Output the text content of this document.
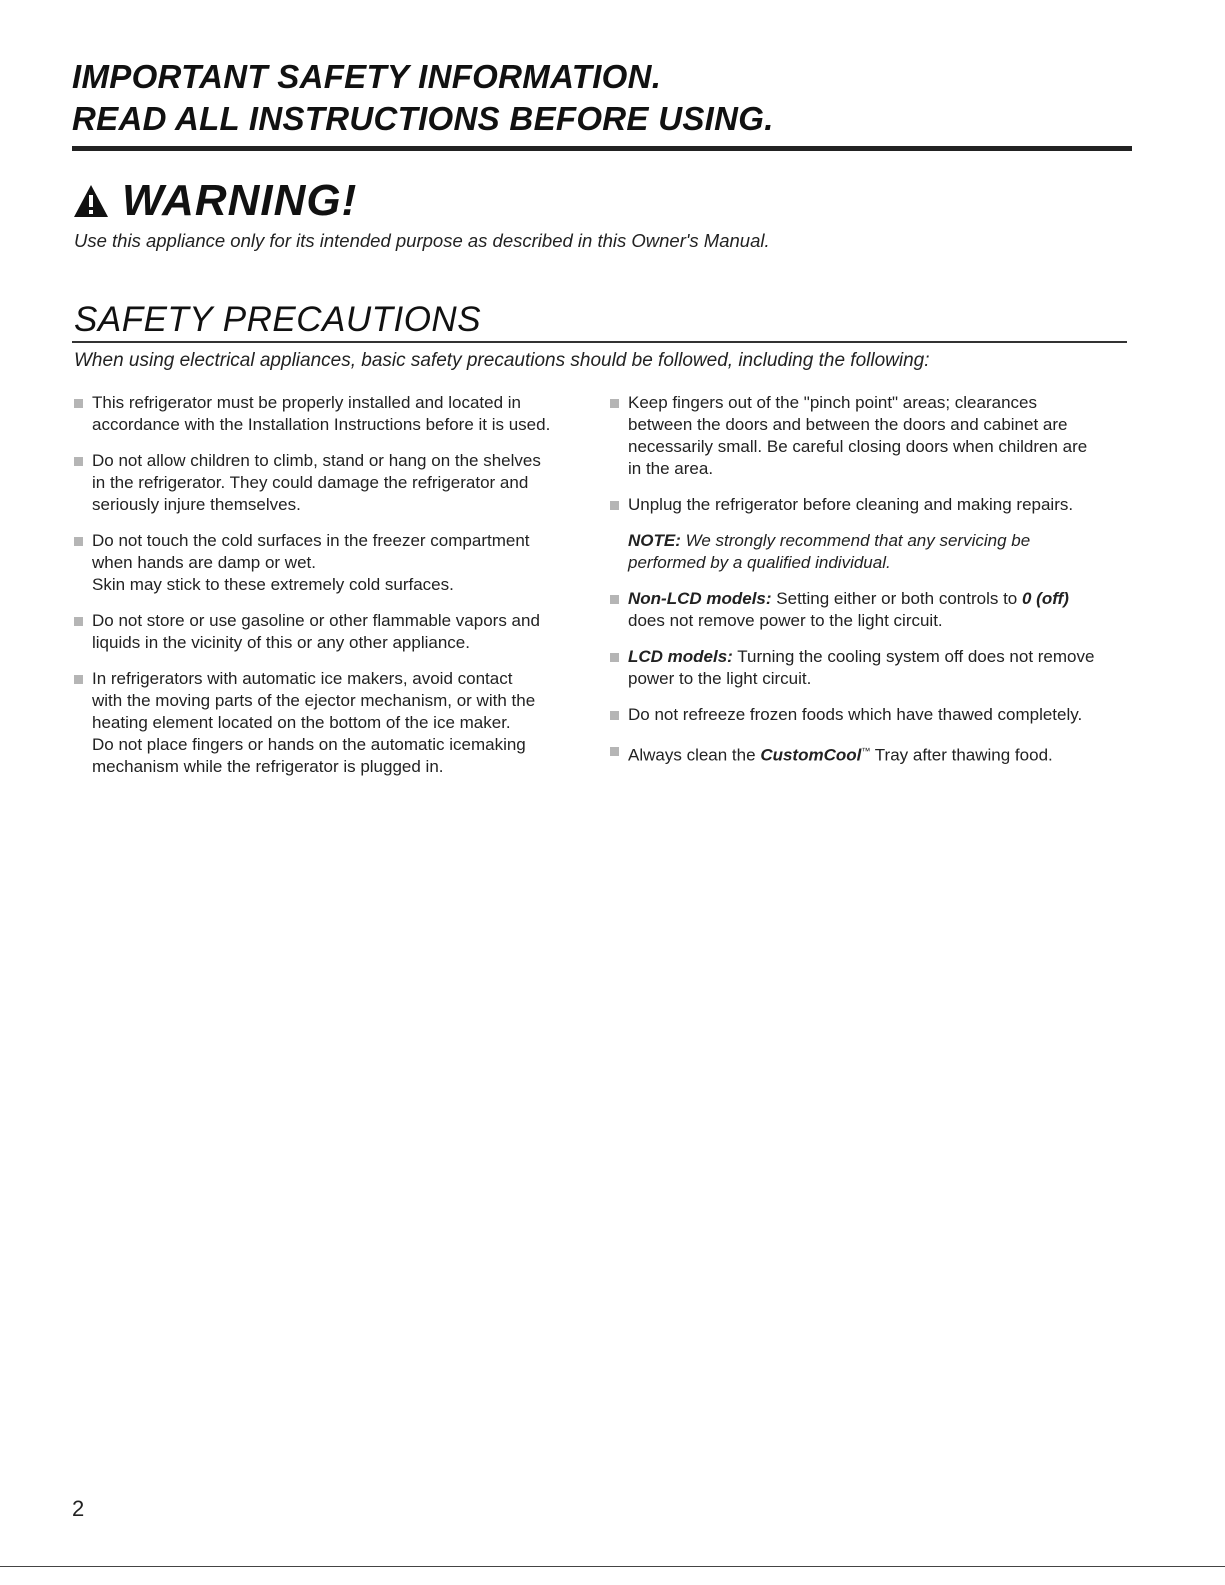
IMPORTANT SAFETY INFORMATION.
READ ALL INSTRUCTIONS BEFORE USING.
WARNING!
Use this appliance only for its intended purpose as described in this Owner's Manual.
SAFETY PRECAUTIONS
When using electrical appliances, basic safety precautions should be followed, including the following:
This refrigerator must be properly installed and located in
accordance with the Installation Instructions before it is used.
Do not allow children to climb, stand or hang on the shelves
in the refrigerator. They could damage the refrigerator and
seriously injure themselves.
Do not touch the cold surfaces in the freezer compartment
when hands are damp or wet.
Skin may stick to these extremely cold surfaces.
Do not store or use gasoline or other flammable vapors and
liquids in the vicinity of this or any other appliance.
In refrigerators with automatic ice makers, avoid contact
with the moving parts of the ejector mechanism, or with the
heating element located on the bottom of the ice maker.
Do not place fingers or hands on the automatic icemaking
mechanism while the refrigerator is plugged in.
Keep fingers out of the "pinch point" areas; clearances
between the doors and between the doors and cabinet are
necessarily small. Be careful closing doors when children are
in the area.
Unplug the refrigerator before cleaning and making repairs.
NOTE: We strongly recommend that any servicing be
performed by a qualified individual.
Non-LCD models: Setting either or both controls to 0 (off)
does not remove power to the light circuit.
LCD models: Turning the cooling system off does not remove
power to the light circuit.
Do not refreeze frozen foods which have thawed completely.
Always clean the CustomCool™ Tray after thawing food.
2
